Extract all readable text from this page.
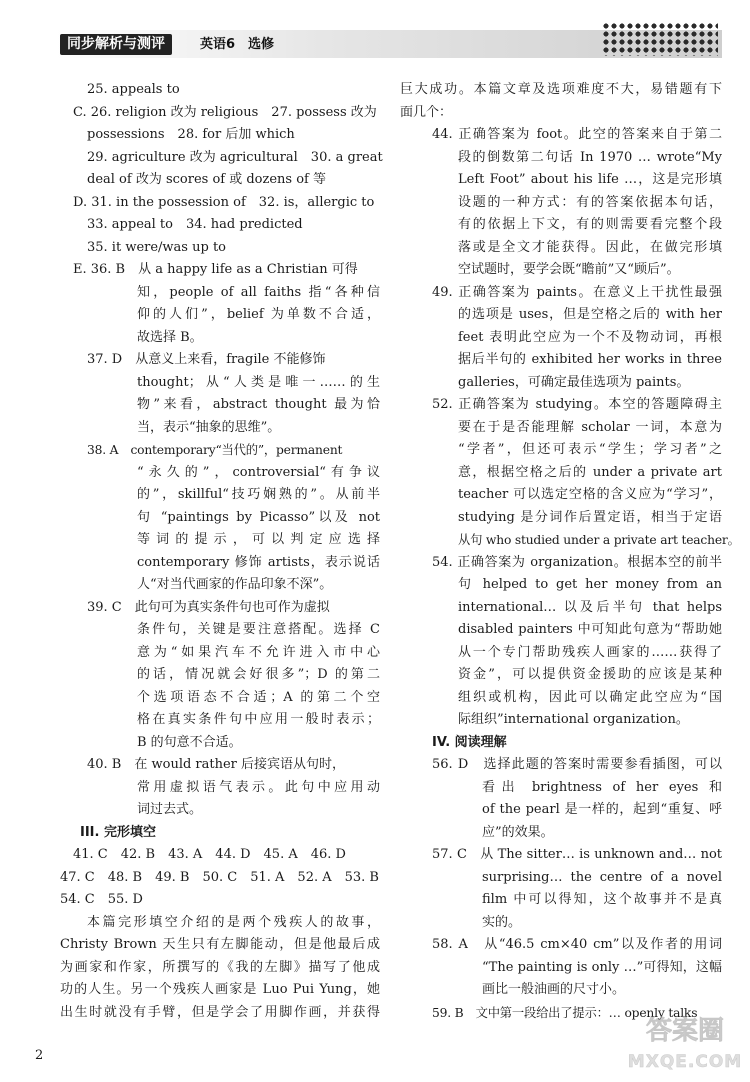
同步解析与测评	英语6　选修
25. appeals to
C. 26. religion 改为 religious　27. possess 改为
possessions　28. for 后加 which
29. agriculture 改为 agricultural　30. a great
deal of 改为 scores of 或 dozens of 等
D. 31. in the possession of　32. is，allergic to
33. appeal to　34. had predicted
35. it were/was up to
E. 36. B　从 a happy life as a Christian 可得
知，people of all faiths 指“各种信
仰的人们”，belief 为单数不合适，
故选择 B。
37. D　从意义上来看，fragile 不能修饰
thought；从“人类是唯一……的生
物”来看，abstract thought 最为恰
当，表示“抽象的思维”。
38. A　contemporary“当代的”，permanent
“永久的”，controversial“有争议
的”，skillful“技巧娴熟的”。从前半
句 “paintings by Picasso”以及 not
等词的提示，可以判定应选择
contemporary 修饰 artists，表示说话
人“对当代画家的作品印象不深”。
39. C　此句可为真实条件句也可作为虚拟
条件句，关键是要注意搭配。选择 C
意为“如果汽车不允许进入市中心
的话，情况就会好很多”；D 的第二
个选项语态不合适；A 的第二个空
格在真实条件句中应用一般时表示；
B 的句意不合适。
40. B　在 would rather 后接宾语从句时，
常用虚拟语气表示。此句中应用动
词过去式。
III. 完形填空
41. C　42. B　43. A　44. D　45. A　46. D
47. C　48. B　49. B　50. C　51. A　52. A　53. B
54. C　55. D
本篇完形填空介绍的是两个残疾人的故事，
Christy Brown 天生只有左脚能动，但是他最后成
为画家和作家，所撰写的《我的左脚》描写了他成
功的人生。另一个残疾人画家是 Luo Pui Yung，她
出生时就没有手臂，但是学会了用脚作画，并获得
巨大成功。本篇文章及选项难度不大，易错题有下
面几个：
44. 正确答案为 foot。此空的答案来自于第二
段的倒数第二句话 In 1970 … wrote“My
Left Foot” about his life …，这是完形填
设题的一种方式：有的答案依据本句话，
有的依据上下文，有的则需要看完整个段
落或是全文才能获得。因此，在做完形填
空试题时，要学会既“瞻前”又“顾后”。
49. 正确答案为 paints。在意义上干扰性最强
的选项是 uses，但是空格之后的 with her
feet 表明此空应为一个不及物动词，再根
据后半句的 exhibited her works in three
galleries，可确定最佳选项为 paints。
52. 正确答案为 studying。本空的答题障碍主
要在于是否能理解 scholar 一词，本意为
“学者”，但还可表示“学生；学习者”之
意，根据空格之后的 under a private art
teacher 可以选定空格的含义应为“学习”，
studying 是分词作后置定语，相当于定语
从句 who studied under a private art teacher。
54. 正确答案为 organization。根据本空的前半
句 helped to get her money from an
international… 以及后半句 that helps
disabled painters 中可知此句意为“帮助她
从一个专门帮助残疾人画家的……获得了
资金”，可以提供资金援助的应该是某种
组织或机构，因此可以确定此空应为“国
际组织”international organization。
IV. 阅读理解
56. D　选择此题的答案时需要参看插图，可以
看出 brightness of her eyes 和
of the pearl 是一样的，起到“重复、呼
应”的效果。
57. C　从 The sitter… is unknown and… not
surprising… the centre of a novel
film 中可以得知，这个故事并不是真
实的。
58. A　从“46.5 cm×40 cm”以及作者的用词
“The painting is only …”可得知，这幅
画比一般油画的尺寸小。
59. B　文中第一段给出了提示：… openly talks
2
答案圈
MXQE.COM
